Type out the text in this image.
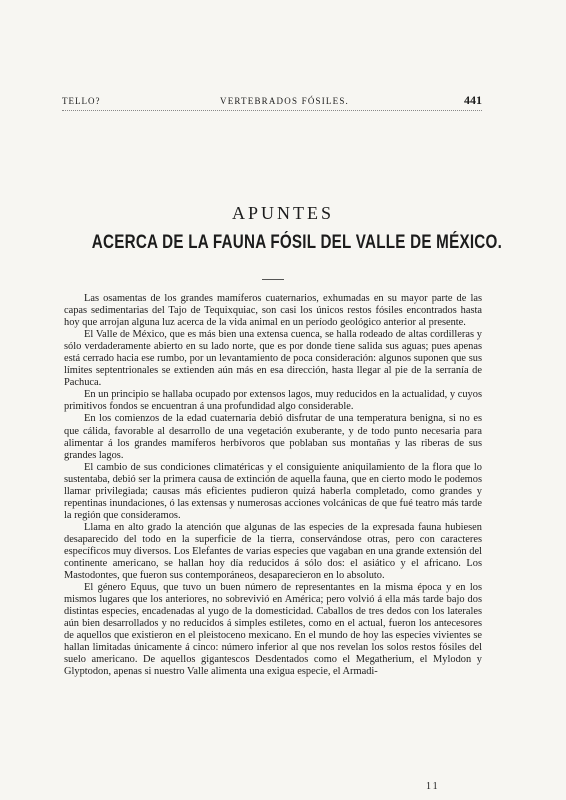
TELLO?	VERTEBRADOS FÓSILES.	441
APUNTES
ACERCA DE LA FAUNA FÓSIL DEL VALLE DE MÉXICO.

Las osamentas de los grandes mamíferos cuaternarios, exhumadas en su mayor parte de las capas sedimentarias del Tajo de Tequixquiac, son casi los únicos restos fósiles encontrados hasta hoy que arrojan alguna luz acerca de la vida animal en un período geológico anterior al presente.

El Valle de México, que es más bien una extensa cuenca, se halla rodeado de altas cordilleras y sólo verdaderamente abierto en su lado norte, que es por donde tiene salida sus aguas; pues apenas está cerrado hacia ese rumbo, por un levantamiento de poca consideración: algunos suponen que sus límites septentrionales se extienden aún más en esa dirección, hasta llegar al pie de la serranía de Pachuca.

En un principio se hallaba ocupado por extensos lagos, muy reducidos en la actualidad, y cuyos primitivos fondos se encuentran á una profundidad algo considerable.

En los comienzos de la edad cuaternaria debió disfrutar de una temperatura benigna, si no es que cálida, favorable al desarrollo de una vegetación exuberante, y de todo punto necesaria para alimentar á los grandes mamíferos herbívoros que poblaban sus montañas y las riberas de sus grandes lagos.

El cambio de sus condiciones climatéricas y el consiguiente aniquilamiento de la flora que lo sustentaba, debió ser la primera causa de extinción de aquella fauna, que en cierto modo le podemos llamar privilegiada; causas más eficientes pudieron quizá haberla completado, como grandes y repentinas inundaciones, ó las extensas y numerosas acciones volcánicas de que fué teatro más tarde la región que consideramos.

Llama en alto grado la atención que algunas de las especies de la expresada fauna hubiesen desaparecido del todo en la superficie de la tierra, conservándose otras, pero con caracteres específicos muy diversos. Los Elefantes de varias especies que vagaban en una grande extensión del continente americano, se hallan hoy día reducidos á sólo dos: el asiático y el africano. Los Mastodontes, que fueron sus contemporáneos, desaparecieron en lo absoluto.

El género Equus, que tuvo un buen número de representantes en la misma época y en los mismos lugares que los anteriores, no sobrevivió en América; pero volvió á ella más tarde bajo dos distintas especies, encadenadas al yugo de la domesticidad. Caballos de tres dedos con los laterales aún bien desarrollados y no reducidos á simples estiletes, como en el actual, fueron los antecesores de aquellos que existieron en el pleistoceno mexicano. En el mundo de hoy las especies vivientes se hallan limitadas únicamente á cinco: número inferior al que nos revelan los solos restos fósiles del suelo americano. De aquellos gigantescos Desdentados como el Megatherium, el Mylodon y Glyptodon, apenas si nuestro Valle alimenta una exigua especie, el Armadi-

11
